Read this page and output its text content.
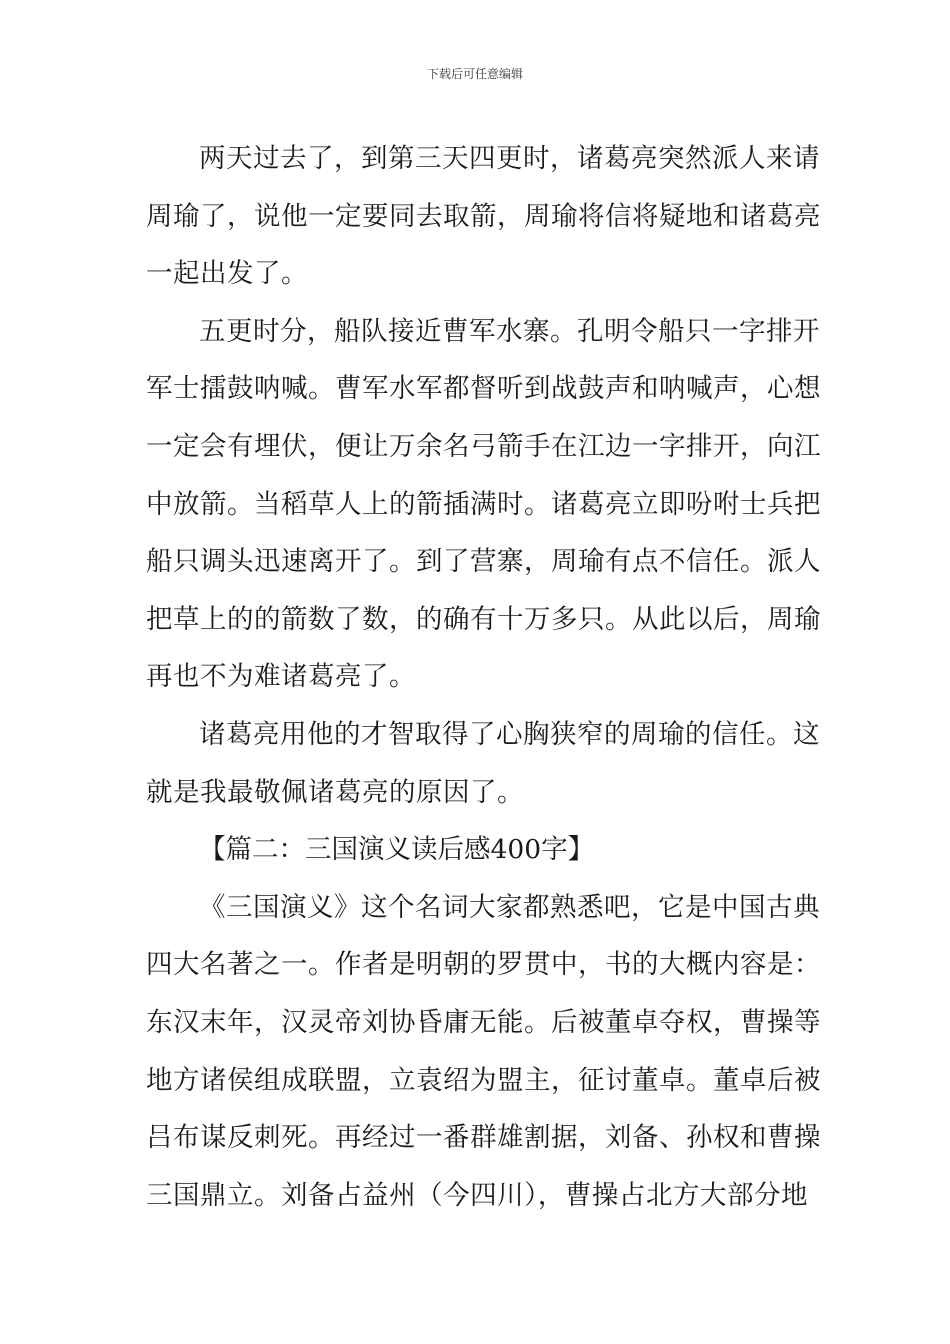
下载后可任意编辑
两天过去了，到第三天四更时，诸葛亮突然派人来请
周瑜了，说他一定要同去取箭，周瑜将信将疑地和诸葛亮
一起出发了。
五更时分，船队接近曹军水寨。孔明令船只一字排开
军士擂鼓呐喊。曹军水军都督听到战鼓声和呐喊声，心想
一定会有埋伏，便让万余名弓箭手在江边一字排开，向江
中放箭。当稻草人上的箭插满时。诸葛亮立即吩咐士兵把
船只调头迅速离开了。到了营寨，周瑜有点不信任。派人
把草上的的箭数了数，的确有十万多只。从此以后，周瑜
再也不为难诸葛亮了。
诸葛亮用他的才智取得了心胸狭窄的周瑜的信任。这
就是我最敬佩诸葛亮的原因了。
【篇二：三国演义读后感400字】
《三国演义》这个名词大家都熟悉吧，它是中国古典
四大名著之一。作者是明朝的罗贯中，书的大概内容是：
东汉末年，汉灵帝刘协昏庸无能。后被董卓夺权，曹操等
地方诸侯组成联盟，立袁绍为盟主，征讨董卓。董卓后被
吕布谋反刺死。再经过一番群雄割据，刘备、孙权和曹操
三国鼎立。刘备占益州（今四川），曹操占北方大部分地
